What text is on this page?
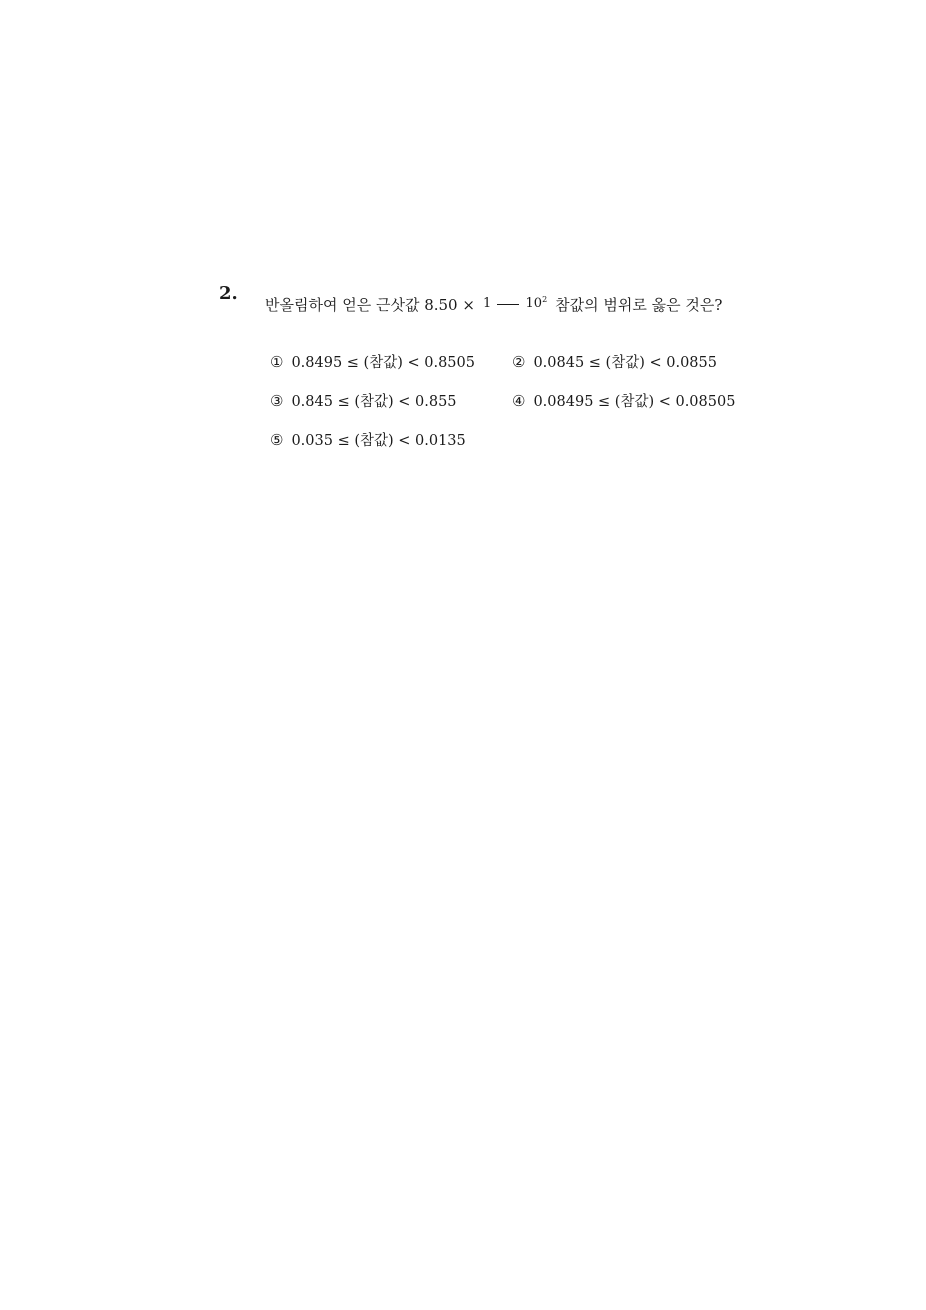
2.
반올림하여 얻은 근삿값 8.50 × 1	$10^2$ 참값의 범위로 옳은 것은?
① 0.8495 ≤ (참값) < 0.8505 ② 0.0845 ≤ (참값) < 0.0855
③ 0.845 ≤ (참값) < 0.855	④ 0.08495 ≤ (참값) < 0.08505
⑤ 0.035 ≤ (참값) < 0.0135
